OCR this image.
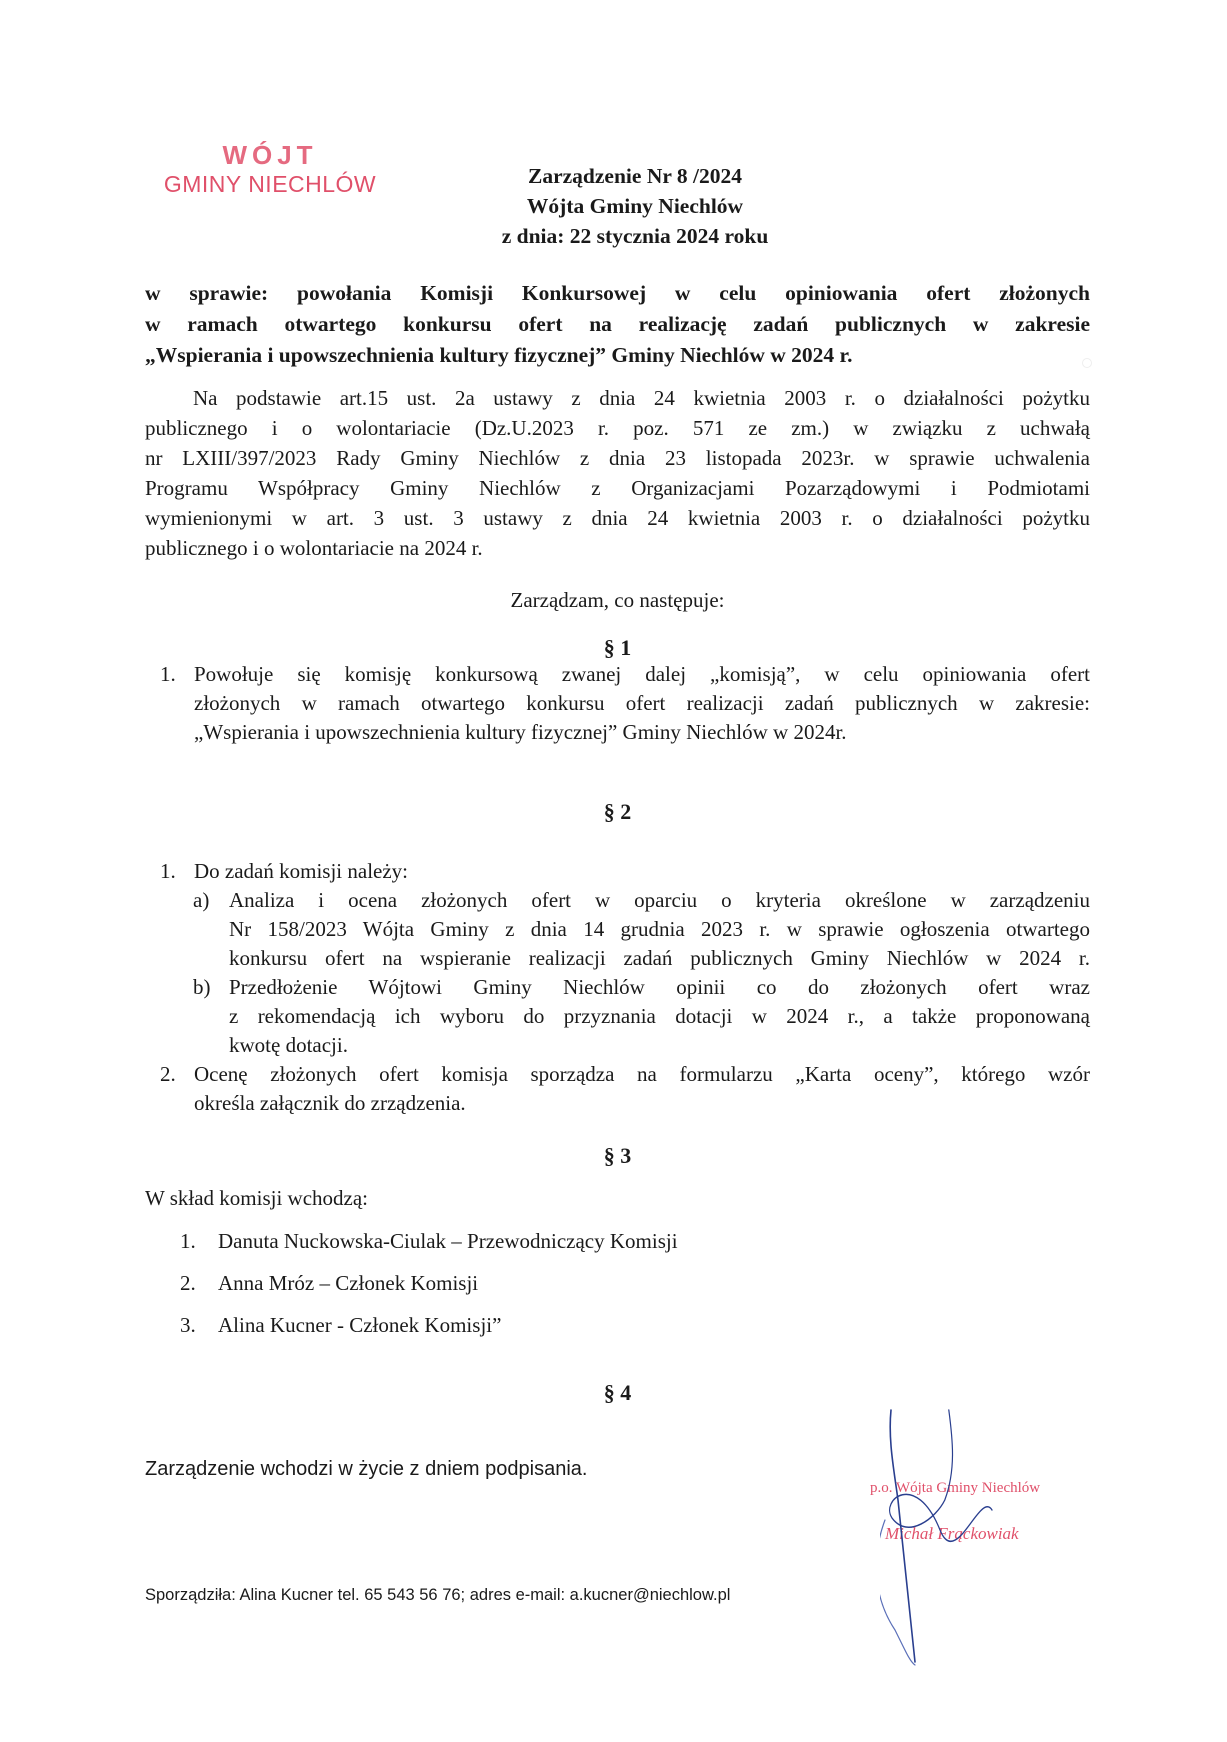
WÓJT
GMINY NIECHLÓW	Zarządzenie Nr 8 /2024
Wójta Gminy Niechlów
z dnia: 22 stycznia 2024 roku
w sprawie: powołania Komisji Konkursowej w celu opiniowania ofert złożonych
w ramach otwartego konkursu ofert na realizację zadań publicznych w zakresie
„Wspierania i upowszechnienia kultury fizycznej” Gminy Niechlów w 2024 r.
Na podstawie art.15 ust. 2a ustawy z dnia 24 kwietnia 2003 r. o działalności pożytku
publicznego i o wolontariacie (Dz.U.2023 r. poz. 571 ze zm.) w związku z uchwałą
nr LXIII/397/2023 Rady Gminy Niechlów z dnia 23 listopada 2023r. w sprawie uchwalenia
Programu Współpracy Gminy Niechlów z Organizacjami Pozarządowymi i Podmiotami
wymienionymi w art. 3 ust. 3 ustawy z dnia 24 kwietnia 2003 r. o działalności pożytku
publicznego i o wolontariacie na 2024 r.
Zarządzam, co następuje:
§ 1
1. Powołuje się komisję konkursową zwanej dalej „komisją”, w celu opiniowania ofert
złożonych w ramach otwartego konkursu ofert realizacji zadań publicznych w zakresie:
„Wspierania i upowszechnienia kultury fizycznej” Gminy Niechlów w 2024r.
§ 2
1. Do zadań komisji należy:
a) Analiza i ocena złożonych ofert w oparciu o kryteria określone w zarządzeniu
Nr 158/2023 Wójta Gminy z dnia 14 grudnia 2023 r. w sprawie ogłoszenia otwartego
konkursu ofert na wspieranie realizacji zadań publicznych Gminy Niechlów w 2024 r.
b) Przedłożenie Wójtowi Gminy Niechlów opinii co do złożonych ofert wraz
z rekomendacją ich wyboru do przyznania dotacji w 2024 r., a także proponowaną
kwotę dotacji.
2. Ocenę złożonych ofert komisja sporządza na formularzu „Karta oceny”, którego wzór
określa załącznik do zrządzenia.
§ 3
W skład komisji wchodzą:
1. Danuta Nuckowska-Ciulak – Przewodniczący Komisji
2. Anna Mróz – Członek Komisji
3. Alina Kucner - Członek Komisji”
§ 4
Zarządzenie wchodzi w życie z dniem podpisania.
p.o. Wójta Gminy Niechlów
Michał Frąckowiak
Sporządziła: Alina Kucner tel. 65 543 56 76; adres e-mail: a.kucner@niechlow.pl
